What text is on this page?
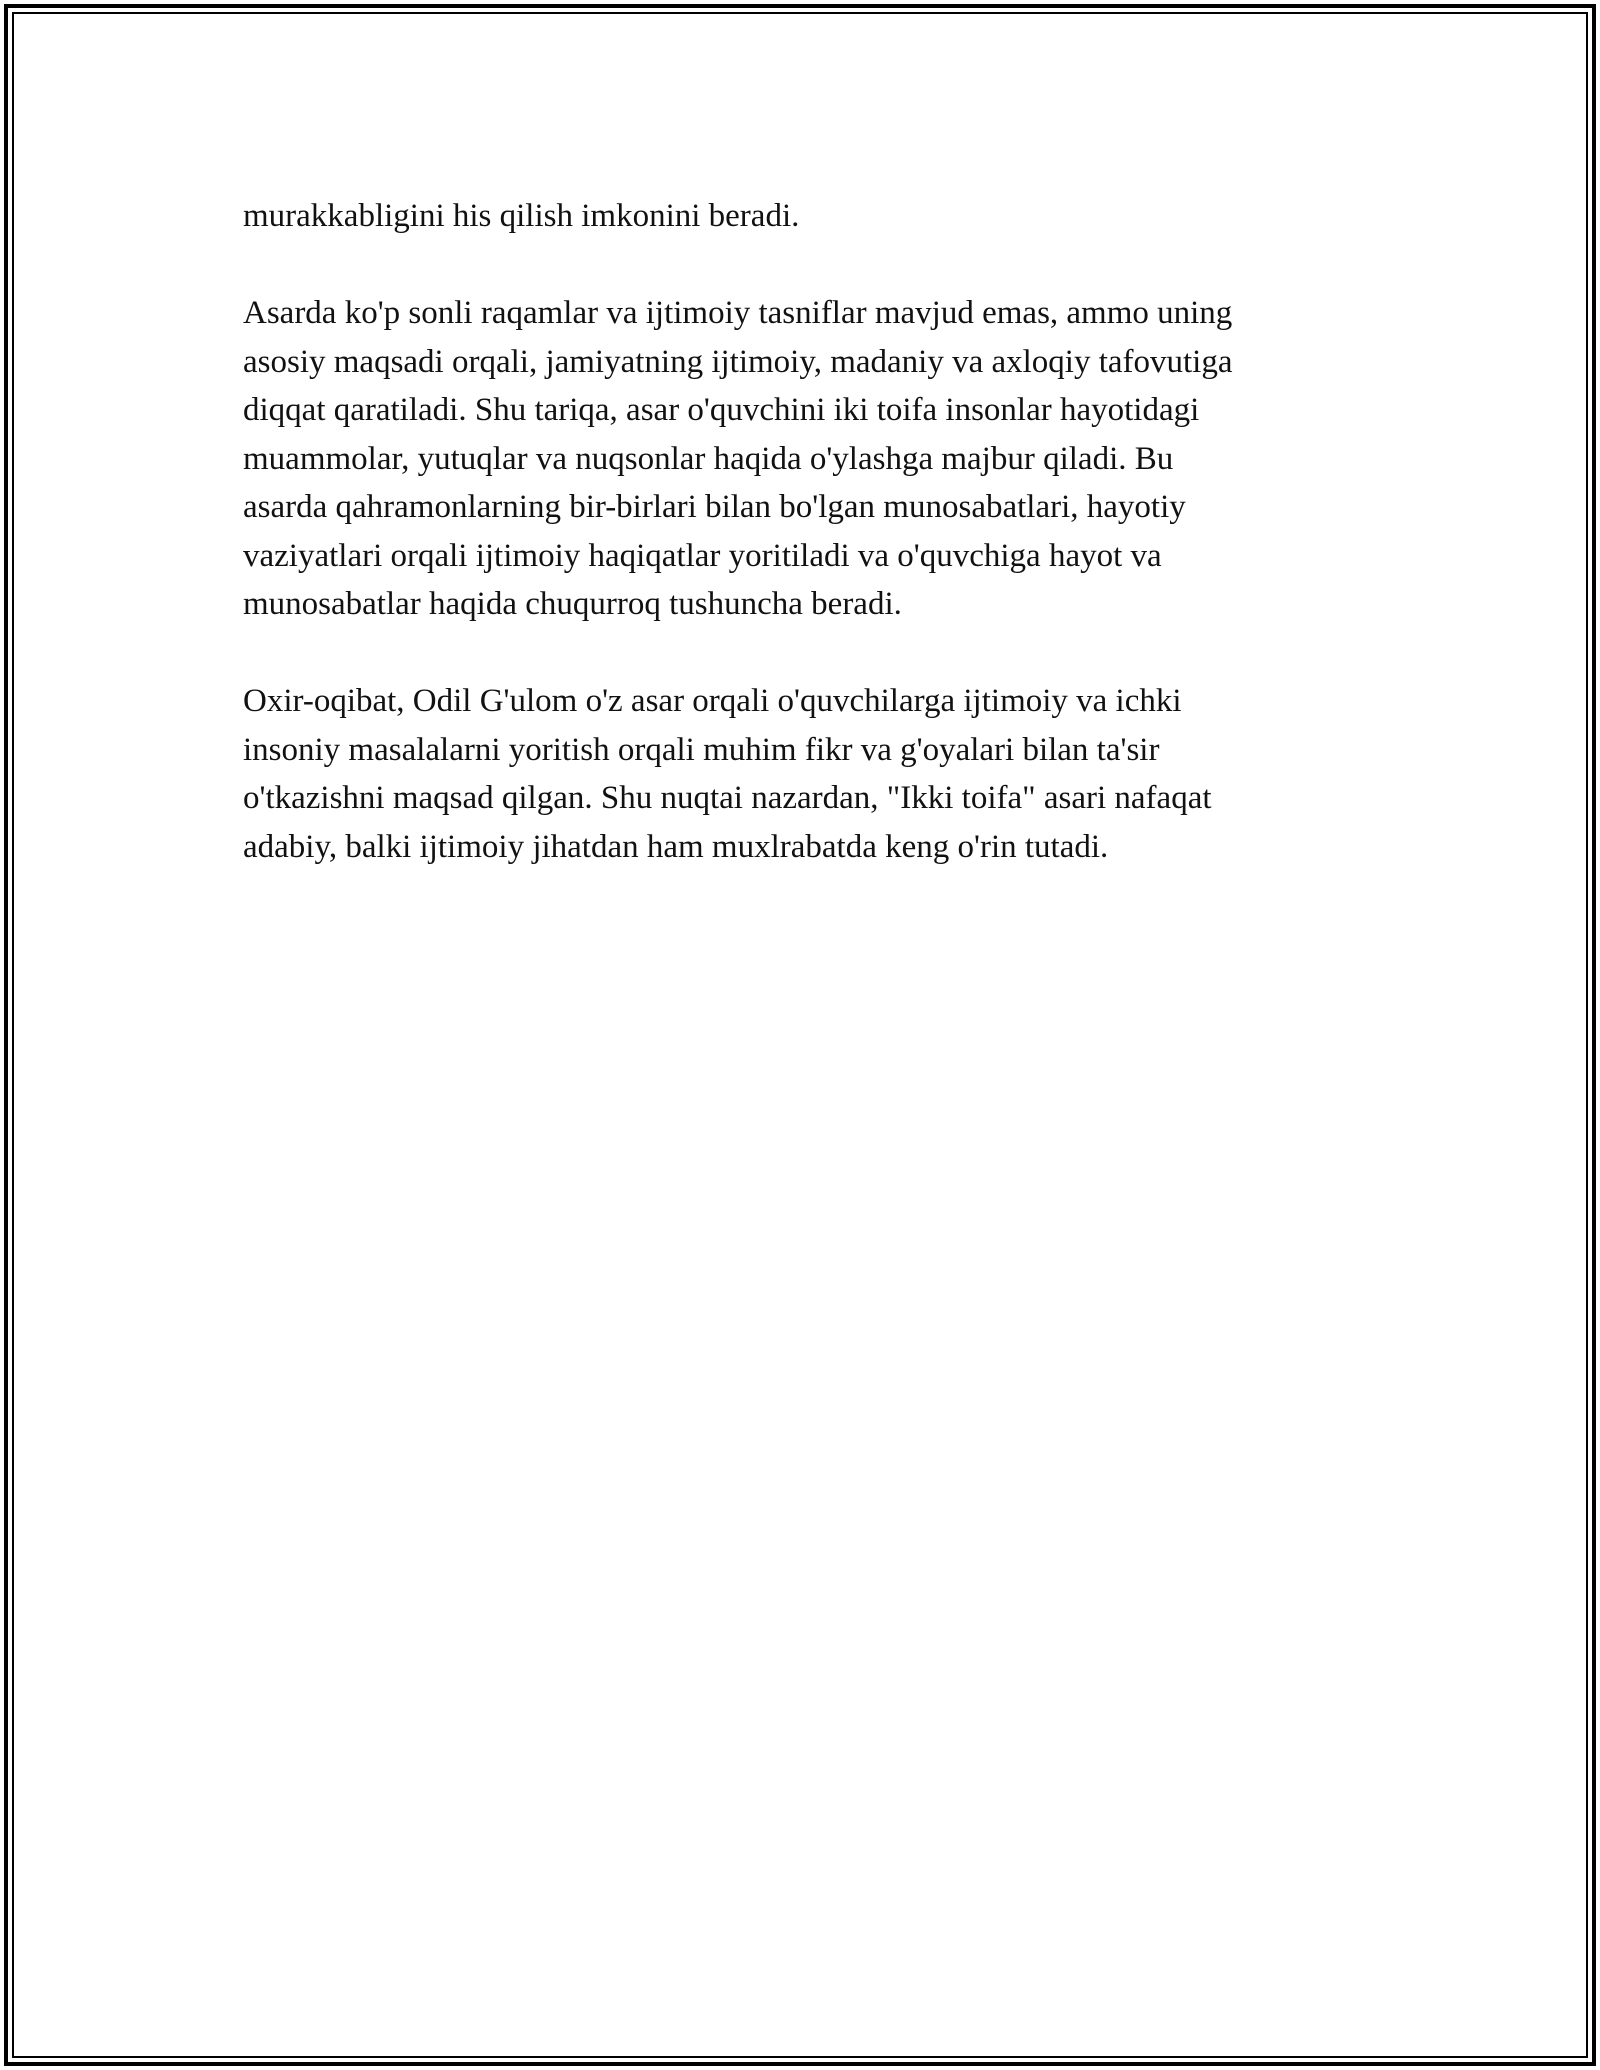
murakkabligini his qilish imkonini beradi.

Asarda ko'p sonli raqamlar va ijtimoiy tasniflar mavjud emas, ammo uning
asosiy maqsadi orqali, jamiyatning ijtimoiy, madaniy va axloqiy tafovutiga
diqqat qaratiladi. Shu tariqa, asar o'quvchini iki toifa insonlar hayotidagi
muammolar, yutuqlar va nuqsonlar haqida o'ylashga majbur qiladi. Bu
asarda qahramonlarning bir-birlari bilan bo'lgan munosabatlari, hayotiy
vaziyatlari orqali ijtimoiy haqiqatlar yoritiladi va o'quvchiga hayot va
munosabatlar haqida chuqurroq tushuncha beradi.

Oxir-oqibat, Odil G'ulom o'z asar orqali o'quvchilarga ijtimoiy va ichki
insoniy masalalarni yoritish orqali muhim fikr va g'oyalari bilan ta'sir
o'tkazishni maqsad qilgan. Shu nuqtai nazardan, "Ikki toifa" asari nafaqat
adabiy, balki ijtimoiy jihatdan ham muxlrabatda keng o'rin tutadi.
